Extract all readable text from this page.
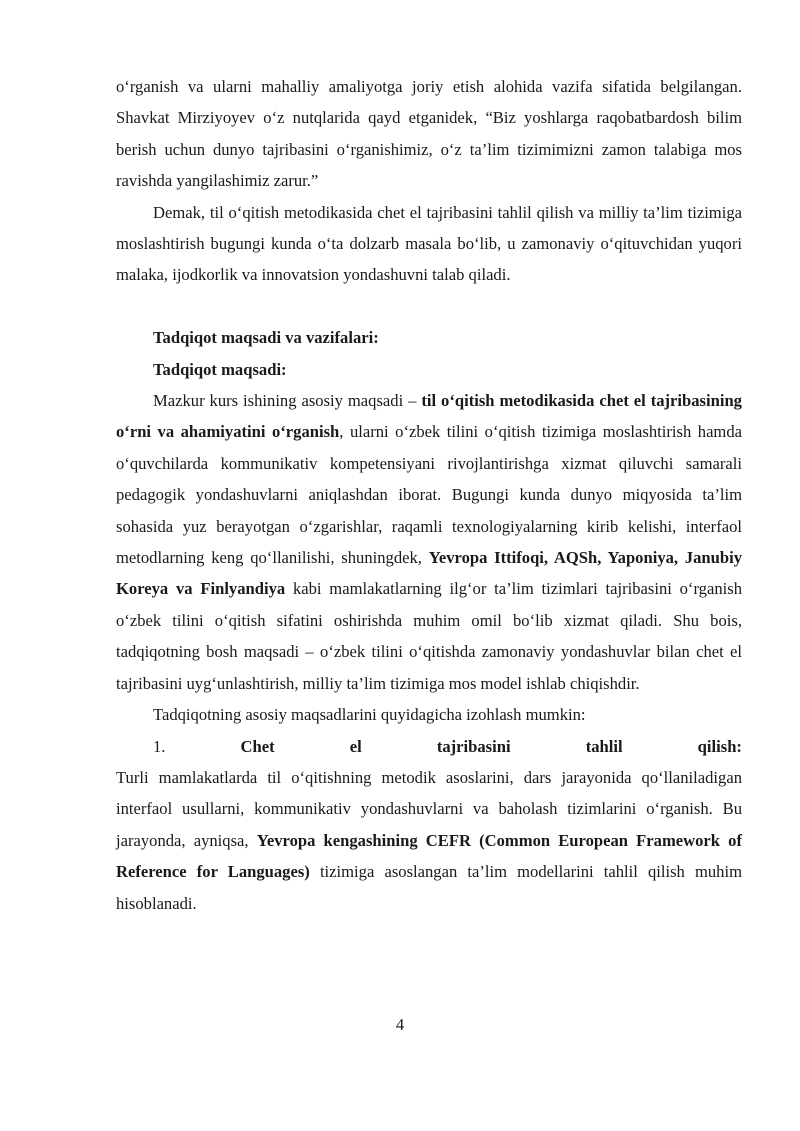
o‘rganish va ularni mahalliy amaliyotga joriy etish alohida vazifa sifatida belgilangan. Shavkat Mirziyoyev o‘z nutqlarida qayd etganidek, “Biz yoshlarga raqobatbardosh bilim berish uchun dunyo tajribasini o‘rganishimiz, o‘z ta’lim tizimimizni zamon talabiga mos ravishda yangilashimiz zarur.”

Demak, til o‘qitish metodikasida chet el tajribasini tahlil qilish va milliy ta’lim tizimiga moslashtirish bugungi kunda o‘ta dolzarb masala bo‘lib, u zamonaviy o‘qituvchidan yuqori malaka, ijodkorlik va innovatsion yondashuvni talab qiladi.

Tadqiqot maqsadi va vazifalari:

Tadqiqot maqsadi:

Mazkur kurs ishining asosiy maqsadi – til o‘qitish metodikasida chet el tajribasining o‘rni va ahamiyatini o‘rganish, ularni o‘zbek tilini o‘qitish tizimiga moslashtirish hamda o‘quvchilarda kommunikativ kompetensiyani rivojlantirishga xizmat qiluvchi samarali pedagogik yondashuvlarni aniqlashdan iborat. Bugungi kunda dunyo miqyosida ta’lim sohasida yuz berayotgan o‘zgarishlar, raqamli texnologiyalarning kirib kelishi, interfaol metodlarning keng qo‘llanilishi, shuningdek, Yevropa Ittifoqi, AQSh, Yaponiya, Janubiy Koreya va Finlyandiya kabi mamlakatlarning ilg‘or ta’lim tizimlari tajribasini o‘rganish o‘zbek tilini o‘qitish sifatini oshirishda muhim omil bo‘lib xizmat qiladi. Shu bois, tadqiqotning bosh maqsadi – o‘zbek tilini o‘qitishda zamonaviy yondashuvlar bilan chet el tajribasini uyg‘unlashtirish, milliy ta’lim tizimiga mos model ishlab chiqishdir.

Tadqiqotning asosiy maqsadlarini quyidagicha izohlash mumkin:

1.	Chet	el	tajribasini	tahlil	qilish:

Turli mamlakatlarda til o‘qitishning metodik asoslarini, dars jarayonida qo‘llaniladigan interfaol usullarni, kommunikativ yondashuvlarni va baholash tizimlarini o‘rganish. Bu jarayonda, ayniqsa, Yevropa kengashining CEFR (Common European Framework of Reference for Languages) tizimiga asoslangan ta’lim modellarini tahlil qilish muhim hisoblanadi.

4
